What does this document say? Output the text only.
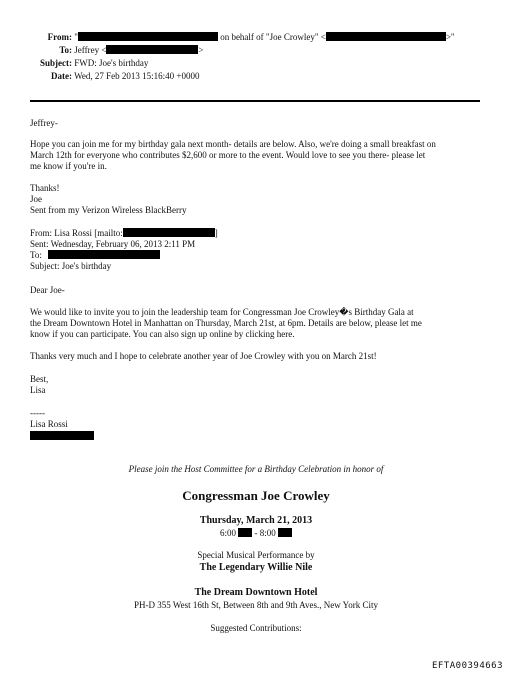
From: "	on behalf of "Joe Crowley" <	>"
To: Jeffrey <	>
Subject: FWD: Joe's birthday
Date: Wed, 27 Feb 2013 15:16:40 +0000
Jeffrey-
Hope you can join me for my birthday gala next month- details are below. Also, we're doing a small breakfast on
March 12th for everyone who contributes $2,600 or more to the event. Would love to see you there- please let
me know if you're in.
Thanks!
Joe
Sent from my Verizon Wireless BlackBerry
From: Lisa Rossi [mailto:	]
Sent: Wednesday, February 06, 2013 2:11 PM
To:
Subject: Joe's birthday
Dear Joe-
We would like to invite you to join the leadership team for Congressman Joe Crowley�s Birthday Gala at
the Dream Downtown Hotel in Manhattan on Thursday, March 21st, at 6pm. Details are below, please let me
know if you can participate. You can also sign up online by clicking here.
Thanks very much and I hope to celebrate another year of Joe Crowley with you on March 21st!
Best,
Lisa
-----
Lisa Rossi
Please join the Host Committee for a Birthday Celebration in honor of
Congressman Joe Crowley
Thursday, March 21, 2013
6:00 - 8:00
Special Musical Performance by
The Legendary Willie Nile
The Dream Downtown Hotel
PH-D 355 West 16th St, Between 8th and 9th Aves., New York City
Suggested Contributions:
EFTA00394663
